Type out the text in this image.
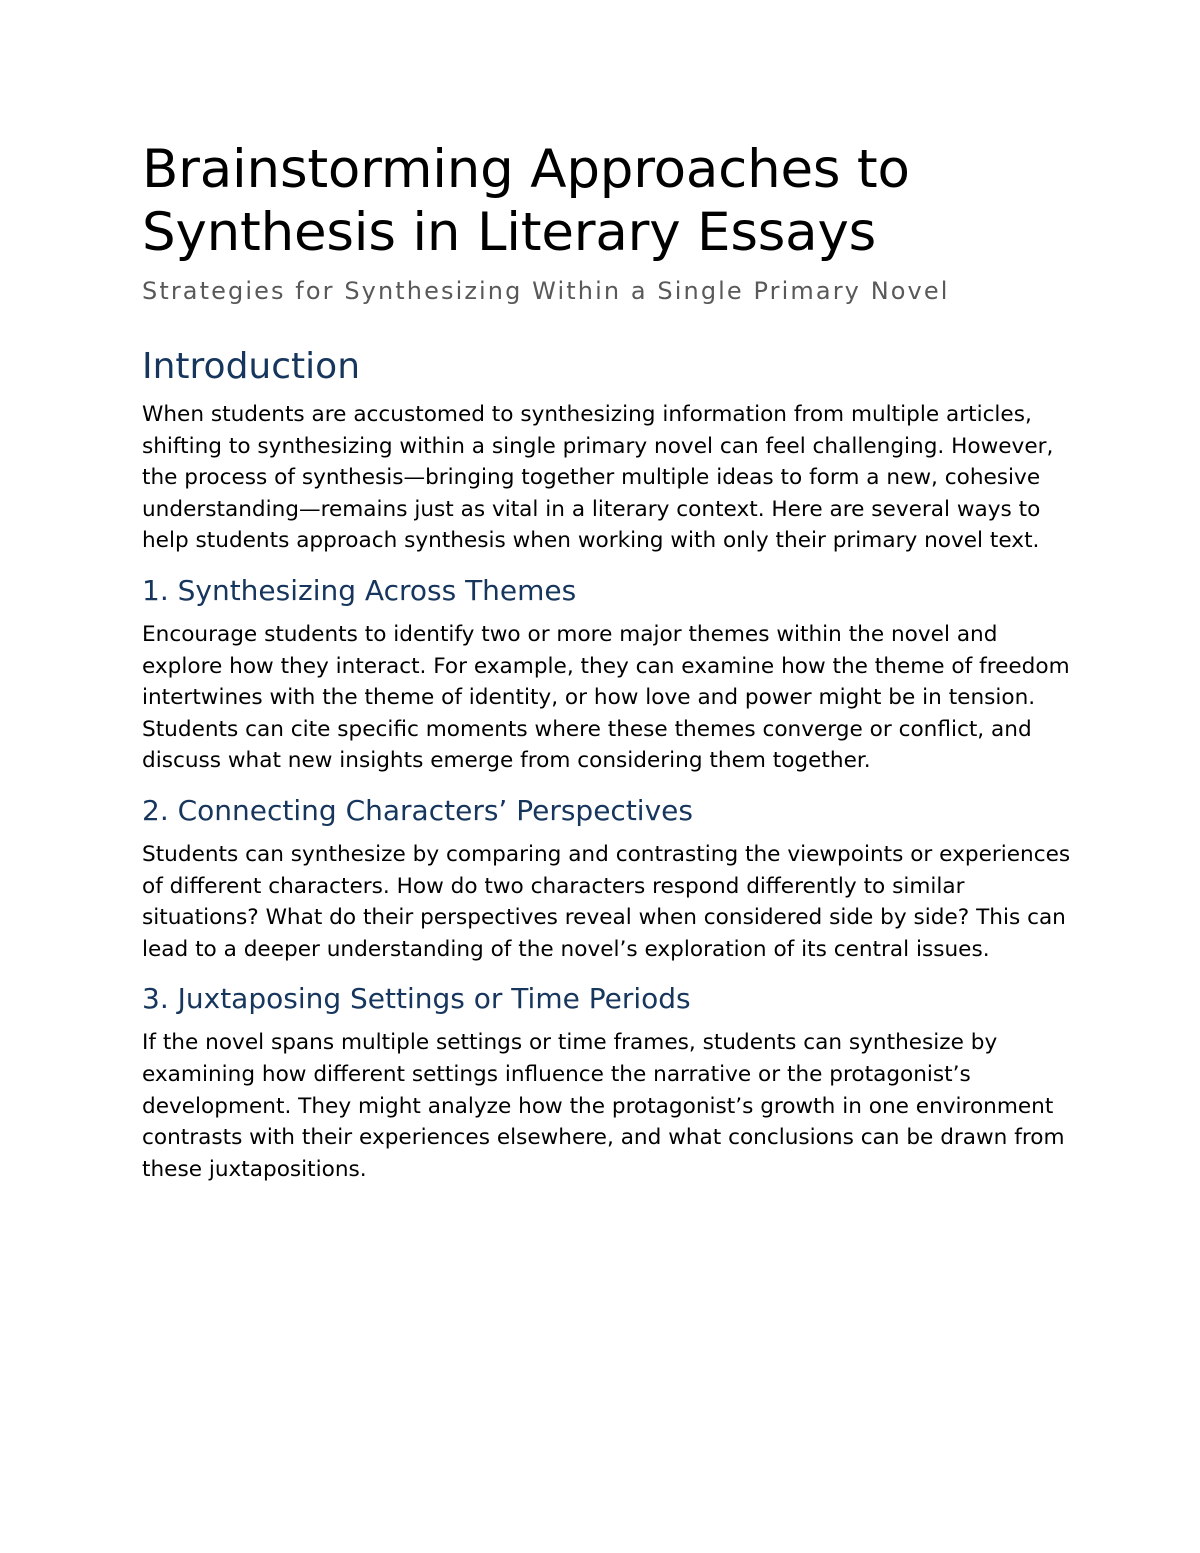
Brainstorming Approaches to Synthesis in Literary Essays
Strategies for Synthesizing Within a Single Primary Novel
Introduction

When students are accustomed to synthesizing information from multiple articles, shifting to synthesizing within a single primary novel can feel challenging. However, the process of synthesis—bringing together multiple ideas to form a new, cohesive understanding—remains just as vital in a literary context. Here are several ways to help students approach synthesis when working with only their primary novel text.

1. Synthesizing Across Themes

Encourage students to identify two or more major themes within the novel and explore how they interact. For example, they can examine how the theme of freedom intertwines with the theme of identity, or how love and power might be in tension. Students can cite specific moments where these themes converge or conflict, and discuss what new insights emerge from considering them together.

2. Connecting Characters’ Perspectives

Students can synthesize by comparing and contrasting the viewpoints or experiences of different characters. How do two characters respond differently to similar situations? What do their perspectives reveal when considered side by side? This can lead to a deeper understanding of the novel’s exploration of its central issues.

3. Juxtaposing Settings or Time Periods

If the novel spans multiple settings or time frames, students can synthesize by examining how different settings influence the narrative or the protagonist’s development. They might analyze how the protagonist’s growth in one environment contrasts with their experiences elsewhere, and what conclusions can be drawn from these juxtapositions.
